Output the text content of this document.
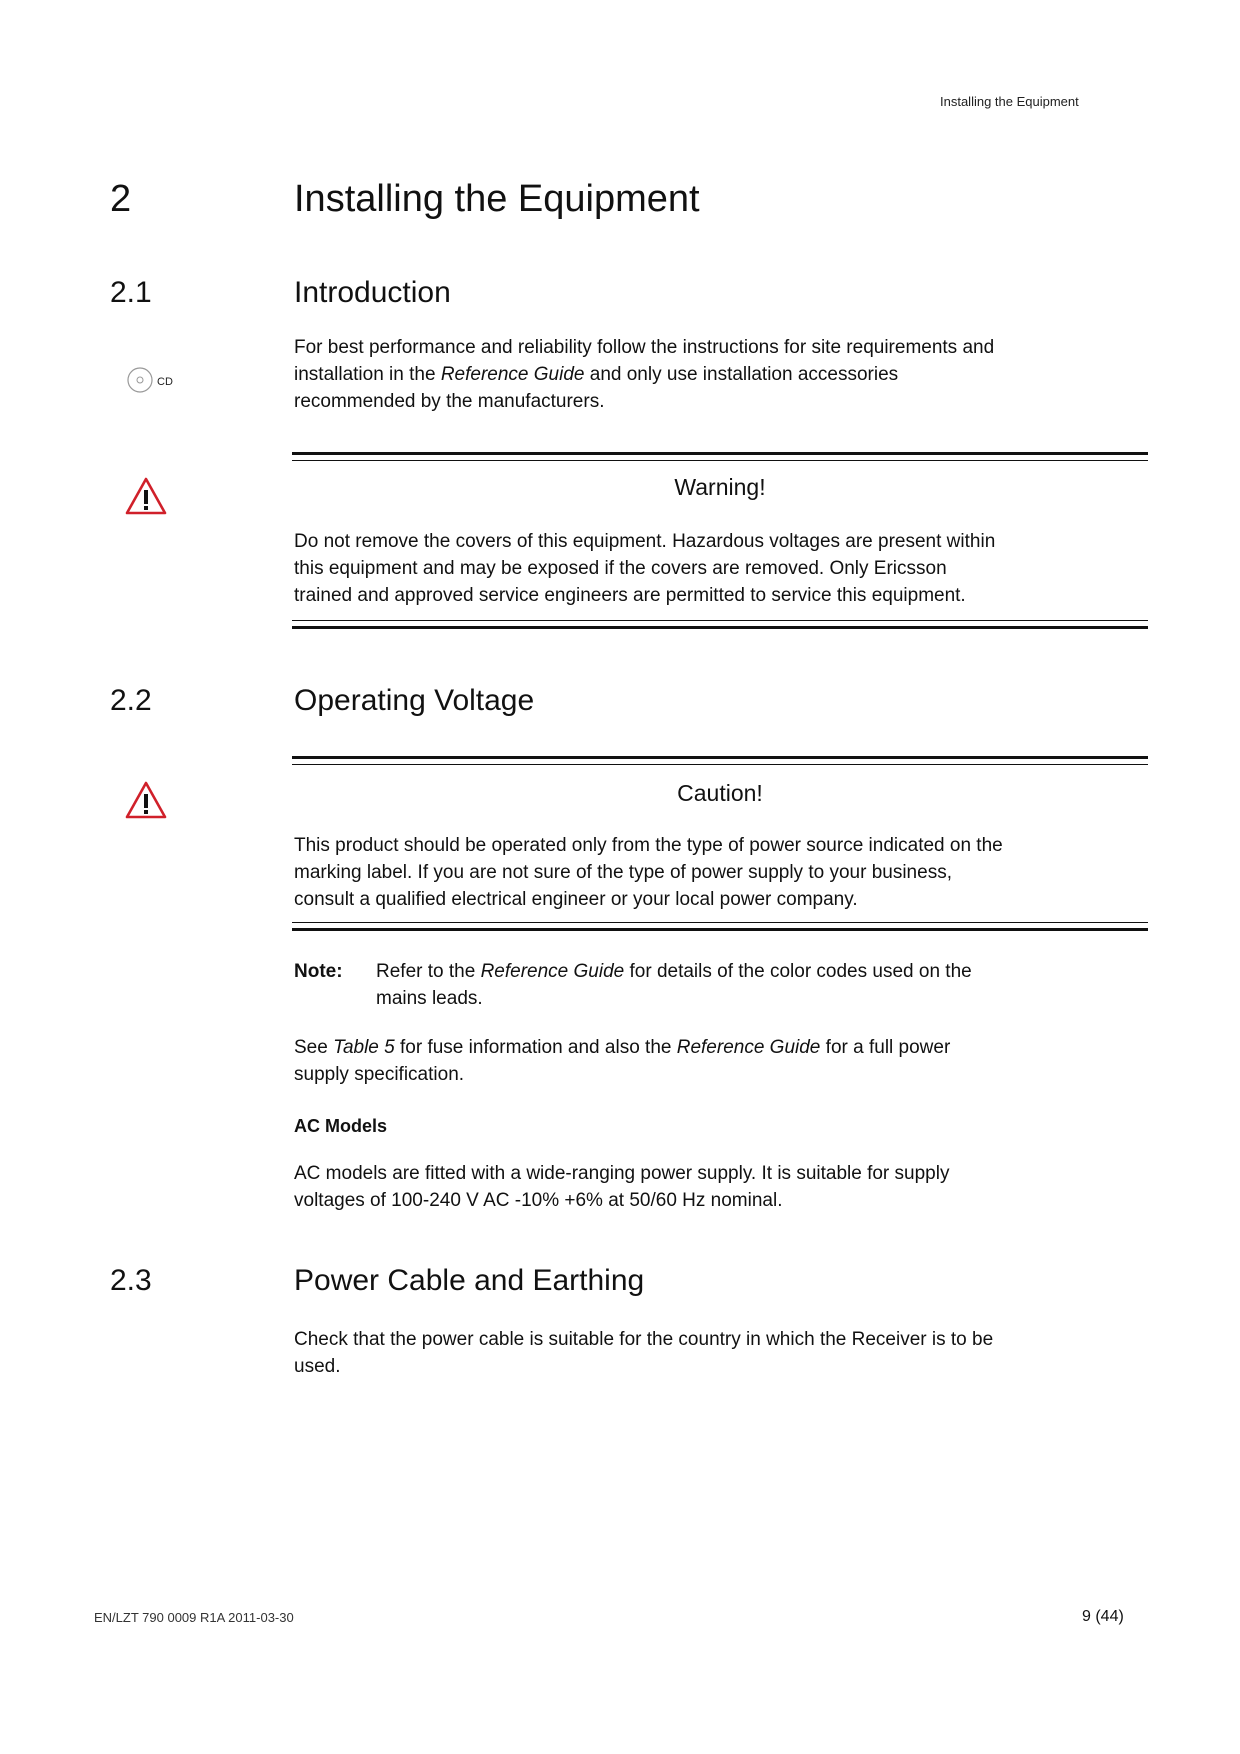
Installing the Equipment
2	Installing the Equipment
2.1	Introduction
CD
For best performance and reliability follow the instructions for site requirements and
installation in the Reference Guide and only use installation accessories
recommended by the manufacturers.
Warning!
Do not remove the covers of this equipment. Hazardous voltages are present within
this equipment and may be exposed if the covers are removed. Only Ericsson
trained and approved service engineers are permitted to service this equipment.
2.2	Operating Voltage
Caution!
This product should be operated only from the type of power source indicated on the
marking label. If you are not sure of the type of power supply to your business,
consult a qualified electrical engineer or your local power company.
Note: Refer to the Reference Guide for details of the color codes used on the
mains leads.
See Table 5 for fuse information and also the Reference Guide for a full power
supply specification.
AC Models
AC models are fitted with a wide-ranging power supply. It is suitable for supply
voltages of 100-240 V AC -10% +6% at 50/60 Hz nominal.
2.3	Power Cable and Earthing
Check that the power cable is suitable for the country in which the Receiver is to be
used.
EN/LZT 790 0009 R1A 2011-03-30	9 (44)
